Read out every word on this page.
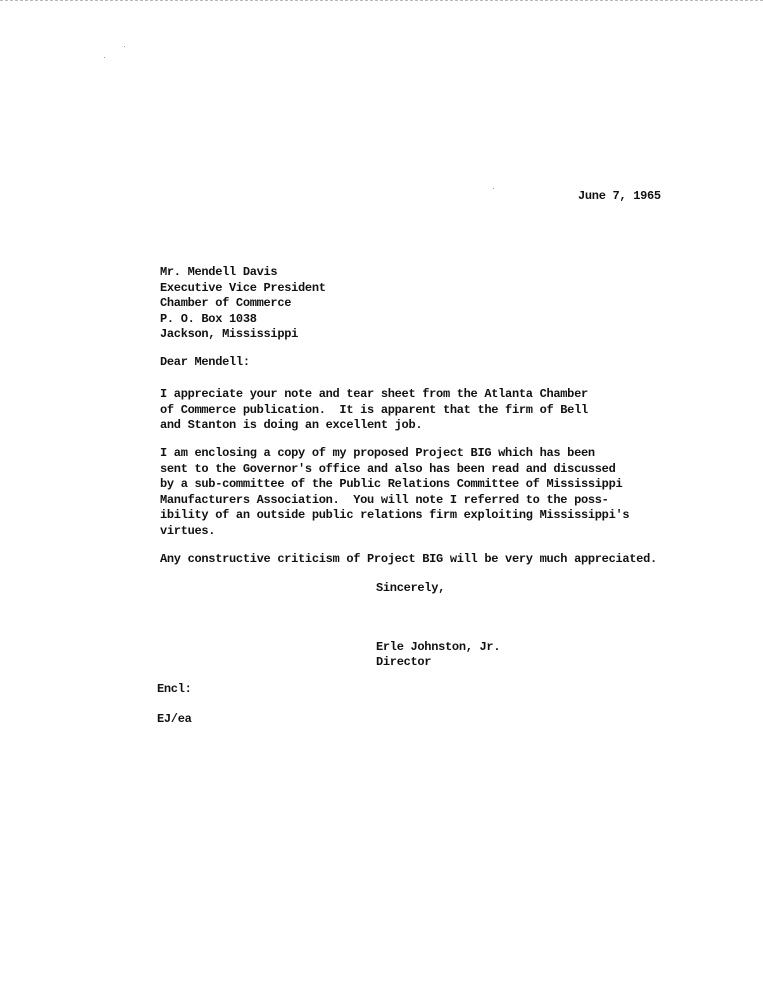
June 7, 1965
Mr. Mendell Davis
Executive Vice President
Chamber of Commerce
P. O. Box 1038
Jackson, Mississippi
Dear Mendell:
I appreciate your note and tear sheet from the Atlanta Chamber
of Commerce publication.  It is apparent that the firm of Bell
and Stanton is doing an excellent job.
I am enclosing a copy of my proposed Project BIG which has been
sent to the Governor's office and also has been read and discussed
by a sub-committee of the Public Relations Committee of Mississippi
Manufacturers Association.  You will note I referred to the poss-
ibility of an outside public relations firm exploiting Mississippi's
virtues.
Any constructive criticism of Project BIG will be very much appreciated.
Sincerely,
Erle Johnston, Jr.
Director
Encl:
EJ/ea
